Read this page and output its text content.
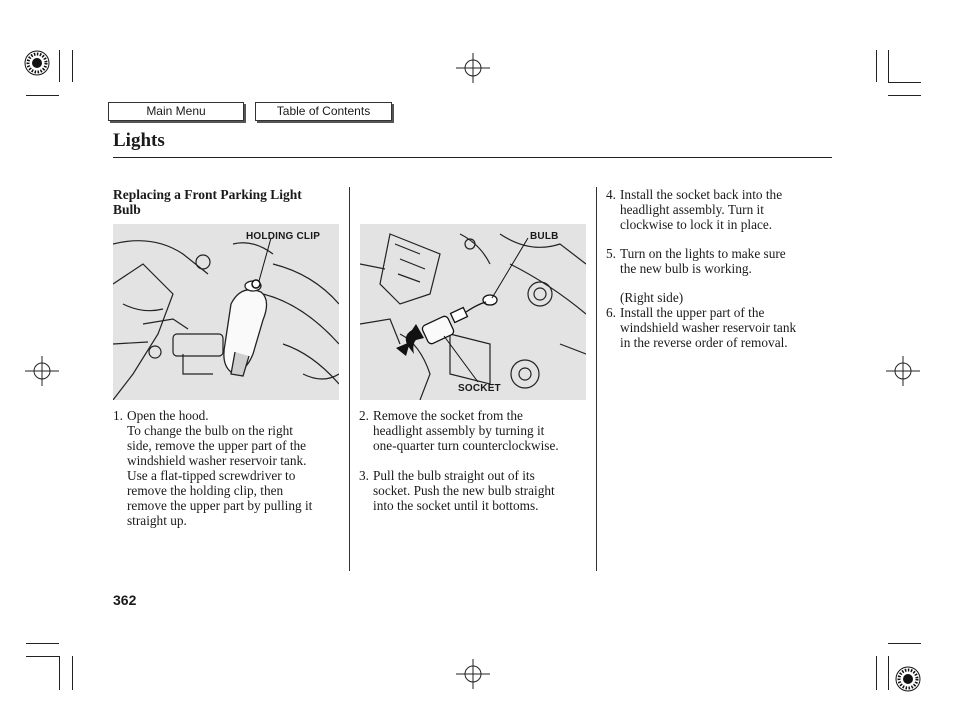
Main Menu	Table of Contents
Lights
Replacing a Front Parking Light
Bulb
HOLDING CLIP	BULB
SOCKET
1. Open the hood.
To change the bulb on the right
side, remove the upper part of the
windshield washer reservoir tank.
Use a flat-tipped screwdriver to
remove the holding clip, then
remove the upper part by pulling it
straight up.
2. Remove the socket from the
headlight assembly by turning it
one-quarter turn counterclockwise.
3. Pull the bulb straight out of its
socket. Push the new bulb straight
into the socket until it bottoms.
4. Install the socket back into the
headlight assembly. Turn it
clockwise to lock it in place.
5. Turn on the lights to make sure
the new bulb is working.
(Right side)
6. Install the upper part of the
windshield washer reservoir tank
in the reverse order of removal.
362
